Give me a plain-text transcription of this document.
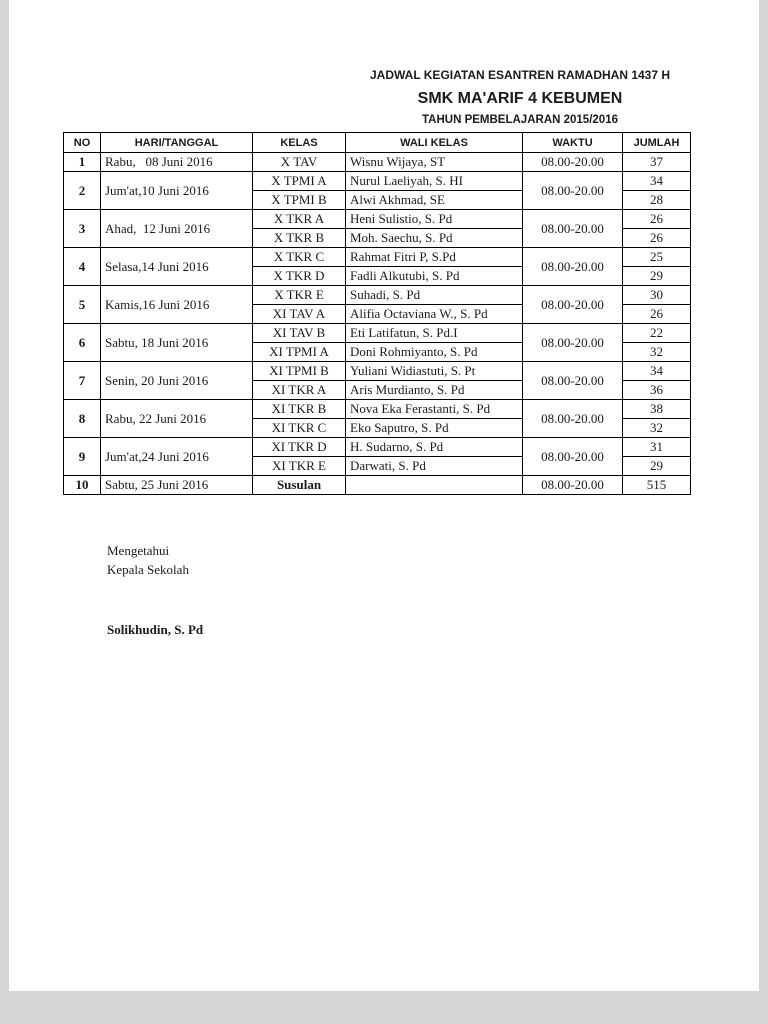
JADWAL KEGIATAN ESANTREN RAMADHAN 1437 H
SMK MA'ARIF 4 KEBUMEN
TAHUN PEMBELAJARAN 2015/2016
NO	HARI/TANGGAL	KELAS	WALI KELAS	WAKTU	JUMLAH
1	Rabu,   08 Juni 2016	X TAV	Wisnu Wijaya, ST	08.00-20.00	37
2	Jum'at,10 Juni 2016	X TPMI A	Nurul Laeliyah, S. HI	08.00-20.00	34
		X TPMI B	Alwi Akhmad, SE		28
3	Ahad,  12 Juni 2016	X TKR A	Heni Sulistio, S. Pd	08.00-20.00	26
		X TKR B	Moh. Saechu, S. Pd		26
4	Selasa,14 Juni 2016	X TKR C	Rahmat Fitri P, S.Pd	08.00-20.00	25
		X TKR D	Fadli Alkutubi, S. Pd		29
5	Kamis,16 Juni 2016	X TKR E	Suhadi, S. Pd	08.00-20.00	30
		XI TAV A	Alifia Octaviana W., S. Pd		26
6	Sabtu, 18 Juni 2016	XI TAV B	Eti Latifatun, S. Pd.I	08.00-20.00	22
		XI TPMI A	Doni Rohmiyanto, S. Pd		32
7	Senin, 20 Juni 2016	XI TPMI B	Yuliani Widiastuti, S. Pt	08.00-20.00	34
		XI TKR A	Aris Murdianto, S. Pd		36
8	Rabu, 22 Juni 2016	XI TKR B	Nova Eka Ferastanti, S. Pd	08.00-20.00	38
		XI TKR C	Eko Saputro, S. Pd		32
9	Jum'at,24 Juni 2016	XI TKR D	H. Sudarno, S. Pd	08.00-20.00	31
		XI TKR E	Darwati, S. Pd		29
10	Sabtu, 25 Juni 2016	Susulan		08.00-20.00	515
Mengetahui
Kepala Sekolah
Solikhudin, S. Pd
